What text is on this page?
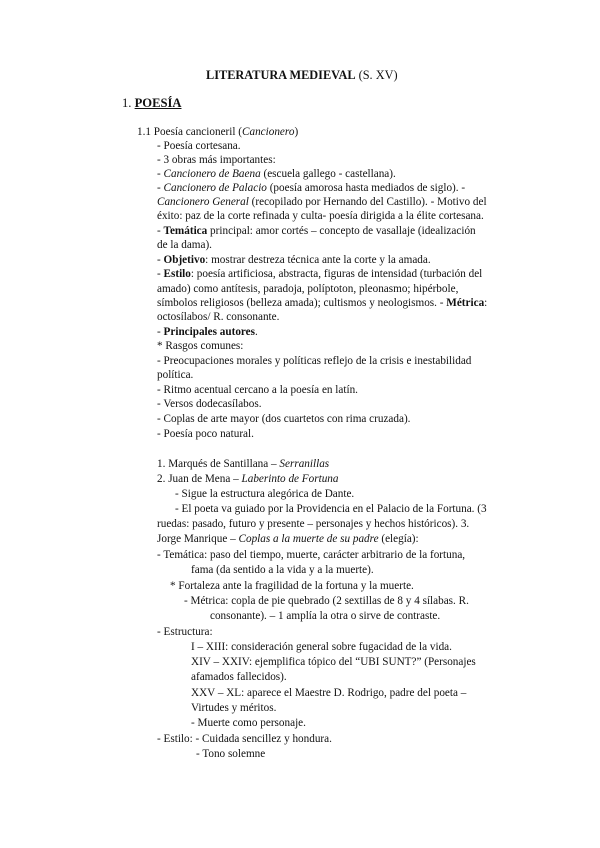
LITERATURA MEDIEVAL (S. XV)
1. POESÍA
1.1 Poesía cancioneril (Cancionero)
- Poesía cortesana.
- 3 obras más importantes:
- Cancionero de Baena (escuela gallego - castellana).
- Cancionero de Palacio (poesía amorosa hasta mediados de siglo). -
Cancionero General (recopilado por Hernando del Castillo). - Motivo del
éxito: paz de la corte refinada y culta- poesía dirigida a la élite cortesana.
- Temática principal: amor cortés – concepto de vasallaje (idealización
de la dama).
- Objetivo: mostrar destreza técnica ante la corte y la amada.
- Estilo: poesía artificiosa, abstracta, figuras de intensidad (turbación del
amado) como antítesis, paradoja, políptoton, pleonasmo; hipérbole,
símbolos religiosos (belleza amada); cultismos y neologismos. - Métrica:
octosílabos/ R. consonante.
- Principales autores.
* Rasgos comunes:
- Preocupaciones morales y políticas reflejo de la crisis e inestabilidad
política.
- Ritmo acentual cercano a la poesía en latín.
- Versos dodecasílabos.
- Coplas de arte mayor (dos cuartetos con rima cruzada).
- Poesía poco natural.
1. Marqués de Santillana – Serranillas
2. Juan de Mena – Laberinto de Fortuna
- Sigue la estructura alegórica de Dante.
- El poeta va guiado por la Providencia en el Palacio de la Fortuna. (3
ruedas: pasado, futuro y presente – personajes y hechos históricos). 3.
Jorge Manrique – Coplas a la muerte de su padre (elegía):
- Temática: paso del tiempo, muerte, carácter arbitrario de la fortuna,
fama (da sentido a la vida y a la muerte).
* Fortaleza ante la fragilidad de la fortuna y la muerte.
- Métrica: copla de pie quebrado (2 sextillas de 8 y 4 sílabas. R.
consonante). – 1 amplía la otra o sirve de contraste.
- Estructura:
I – XIII: consideración general sobre fugacidad de la vida.
XIV – XXIV: ejemplifica tópico del “UBI SUNT?” (Personajes
afamados fallecidos).
XXV – XL: aparece el Maestre D. Rodrigo, padre del poeta –
Virtudes y méritos.
- Muerte como personaje.
- Estilo: - Cuidada sencillez y hondura.
- Tono solemne
